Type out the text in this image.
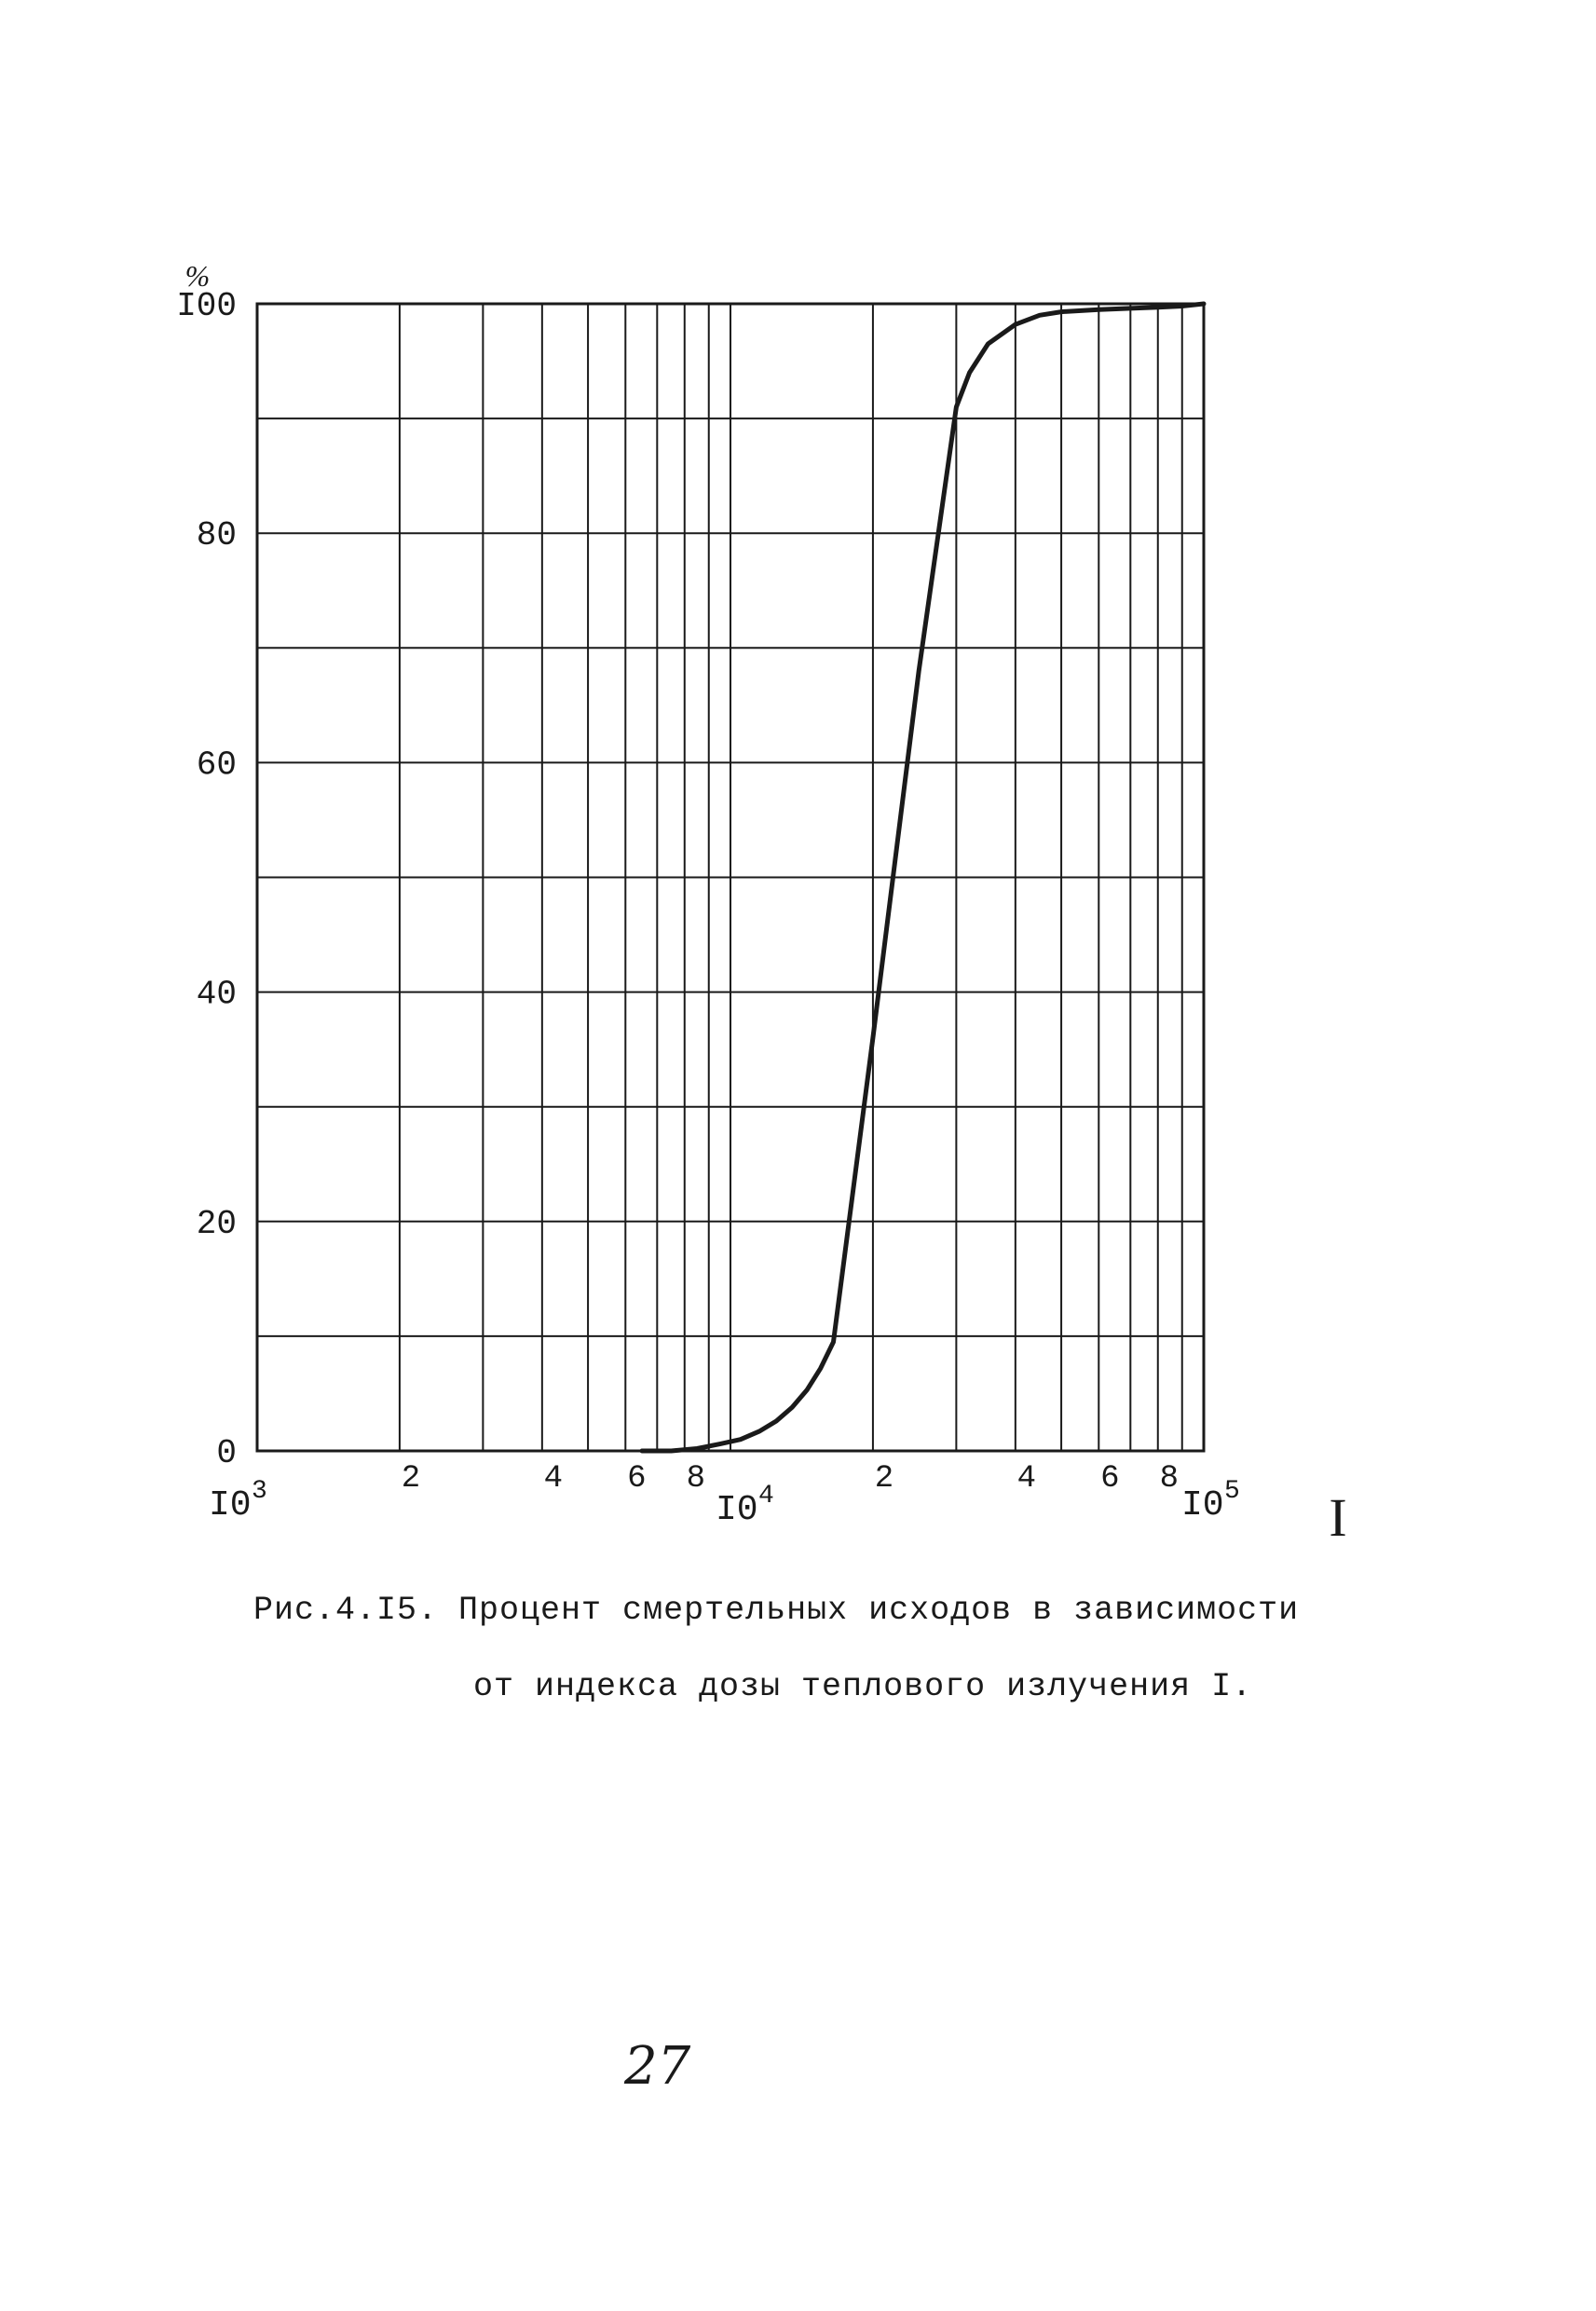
0
20
40
60
80
I00
I0 3	2	4 6 8
I0 4	2	4 6 8
I0 5
%
I
Рис.4.I5. Процент смертельных исходов в зависимости
от индекса дозы теплового излучения I.
27
